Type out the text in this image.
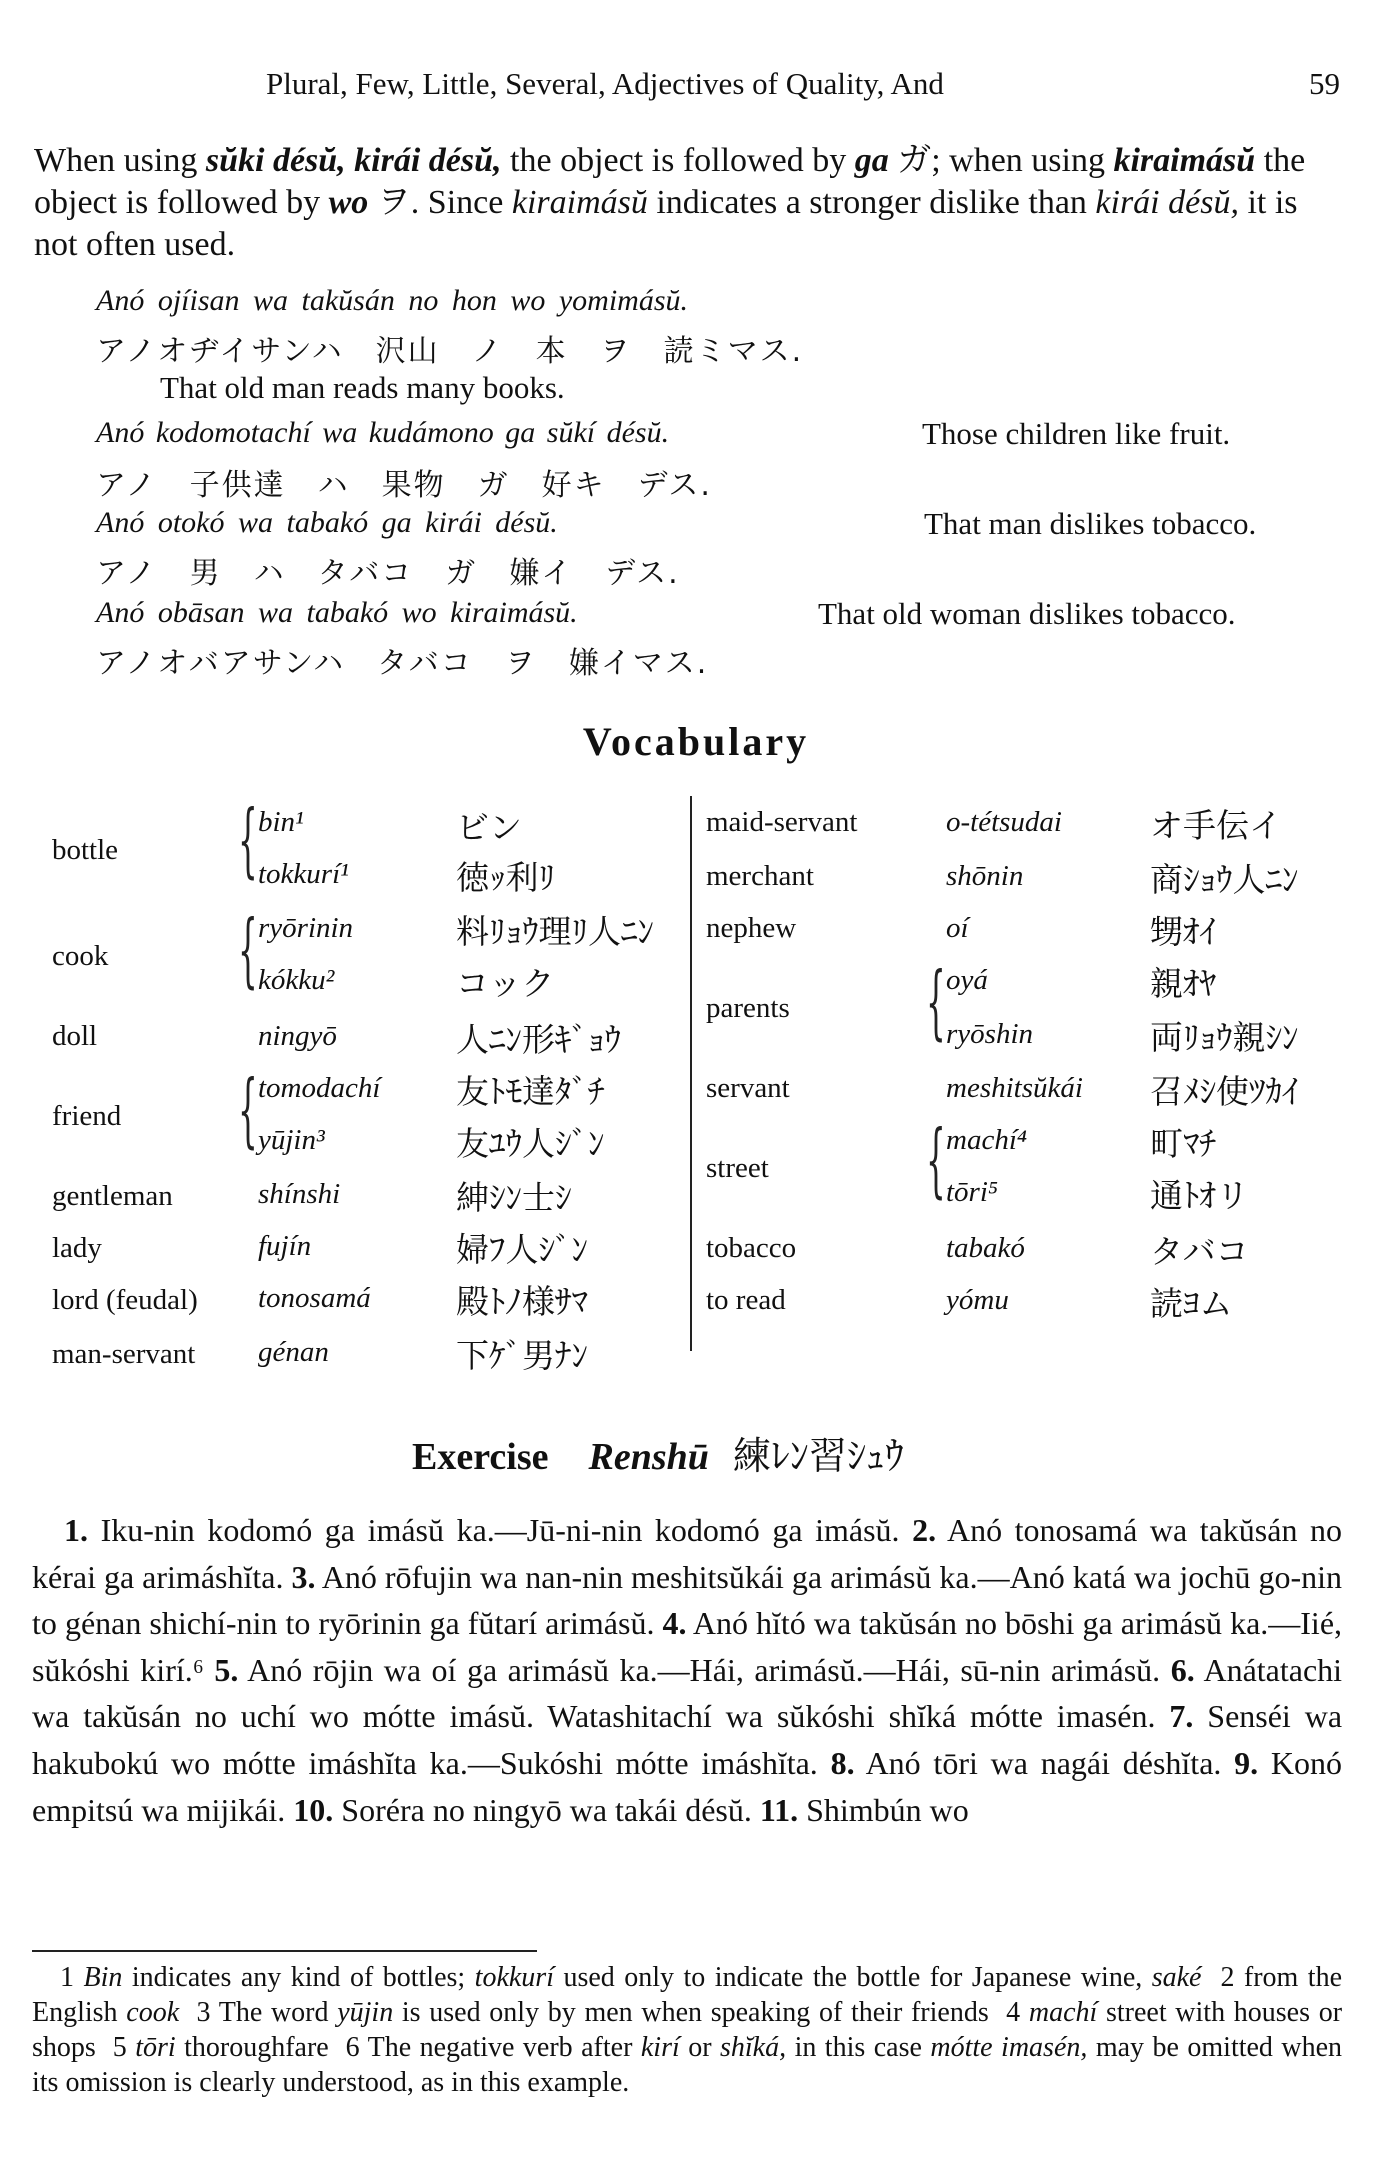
Plural, Few, Little, Several, Adjectives of Quality, And	59
When using sŭki désŭ, kirái désŭ, the object is followed by ga ガ; when using kiraimásŭ the object is followed by wo ヲ. Since kiraimásŭ indicates a stronger dislike than kirái désŭ, it is not often used.
Anó ojíisan wa takŭsán no hon wo yomimásŭ.
アノオヂイサンハ　沢山　ノ　本　ヲ　読ミマス.
That old man reads many books.
Anó kodomotachí wa kudámono ga sŭkí désŭ.	Those children like fruit.
アノ　子供達　ハ　果物　ガ　好キ　デス.
Anó otokó wa tabakó ga kirái désŭ.	That man dislikes tobacco.
アノ　男　ハ　タバコ　ガ　嫌イ　デス.
Anó obāsan wa tabakó wo kiraimásŭ.	That old woman dislikes tobacco.
アノオバアサンハ　タバコ　ヲ　嫌イマス.
Vocabulary
bottle { bin¹	ビン
tokkurí¹	徳ｯ利ﾘ
cook { ryōrinin	料ﾘｮｳ理ﾘ人ﾆﾝ
kókku²	コック
doll	ningyō	人ﾆﾝ形ｷﾞｮｳ
friend { tomodachí 友ﾄﾓ達ﾀﾞﾁ
yūjin³	友ﾕｳ人ｼﾞﾝ
gentleman	shínshi	紳ｼﾝ士ｼ
lady	fujín	婦ﾌ人ｼﾞﾝ
lord (feudal) tonosamá	殿ﾄﾉ様ｻﾏ
man-servant génan	下ｹﾞ男ﾅﾝ
maid-servant	o-tétsudai	オ手伝イ
merchant	shōnin	商ｼｮｳ人ﾆﾝ
nephew	oí	甥ｵｲ
parents { oyá	親ｵﾔ
ryōshin	両ﾘｮｳ親ｼﾝ
servant	meshitsŭkái 召ﾒｼ使ﾂｶｲ
street	{ machí⁴	町ﾏﾁ
tōri⁵	通ﾄｵリ
tobacco	tabakó	タバコ
to read	yómu	読ﾖム
Exercise Renshū 練ﾚﾝ習ｼｭｳ
 1. Iku-nin kodomó ga imásŭ ka.—Jū-ni-nin kodomó ga imásŭ. 2. Anó tonosamá wa takŭsán no kérai ga arimáshĭta. 3. Anó rōfujin wa nan-nin meshitsŭkái ga arimásŭ ka.—Anó katá wa jochū go-nin to génan shichí-nin to ryōrinin ga fŭtarí arimásŭ. 4. Anó hĭtó wa takŭsán no bōshi ga arimásŭ ka.—Iié, sŭkóshi kirí.⁶ 5. Anó rōjin wa oí ga arimásŭ ka.—Hái, arimásŭ.—Hái, sū-nin arimásŭ. 6. Anátatachi wa takŭsán no uchí wo mótte imásŭ. Watashitachí wa sŭkóshi shĭká mótte imasén. 7. Senséi wa hakubokú wo mótte imáshĭta ka.—Sukóshi mótte imáshĭta. 8. Anó tōri wa nagái déshĭta. 9. Konó empitsú wa mijikái. 10. Soréra no ningyō wa takái désŭ. 11. Shimbún wo
 1 Bin indicates any kind of bottles; tokkurí used only to indicate the bottle for Japanese wine, saké 2 from the English cook 3 The word yūjin is used only by men when speaking of their friends 4 machí street with houses or shops 5 tōri thoroughfare 6 The negative verb after kirí or shĭká, in this case mótte imasén, may be omitted when its omission is clearly understood, as in this example.
